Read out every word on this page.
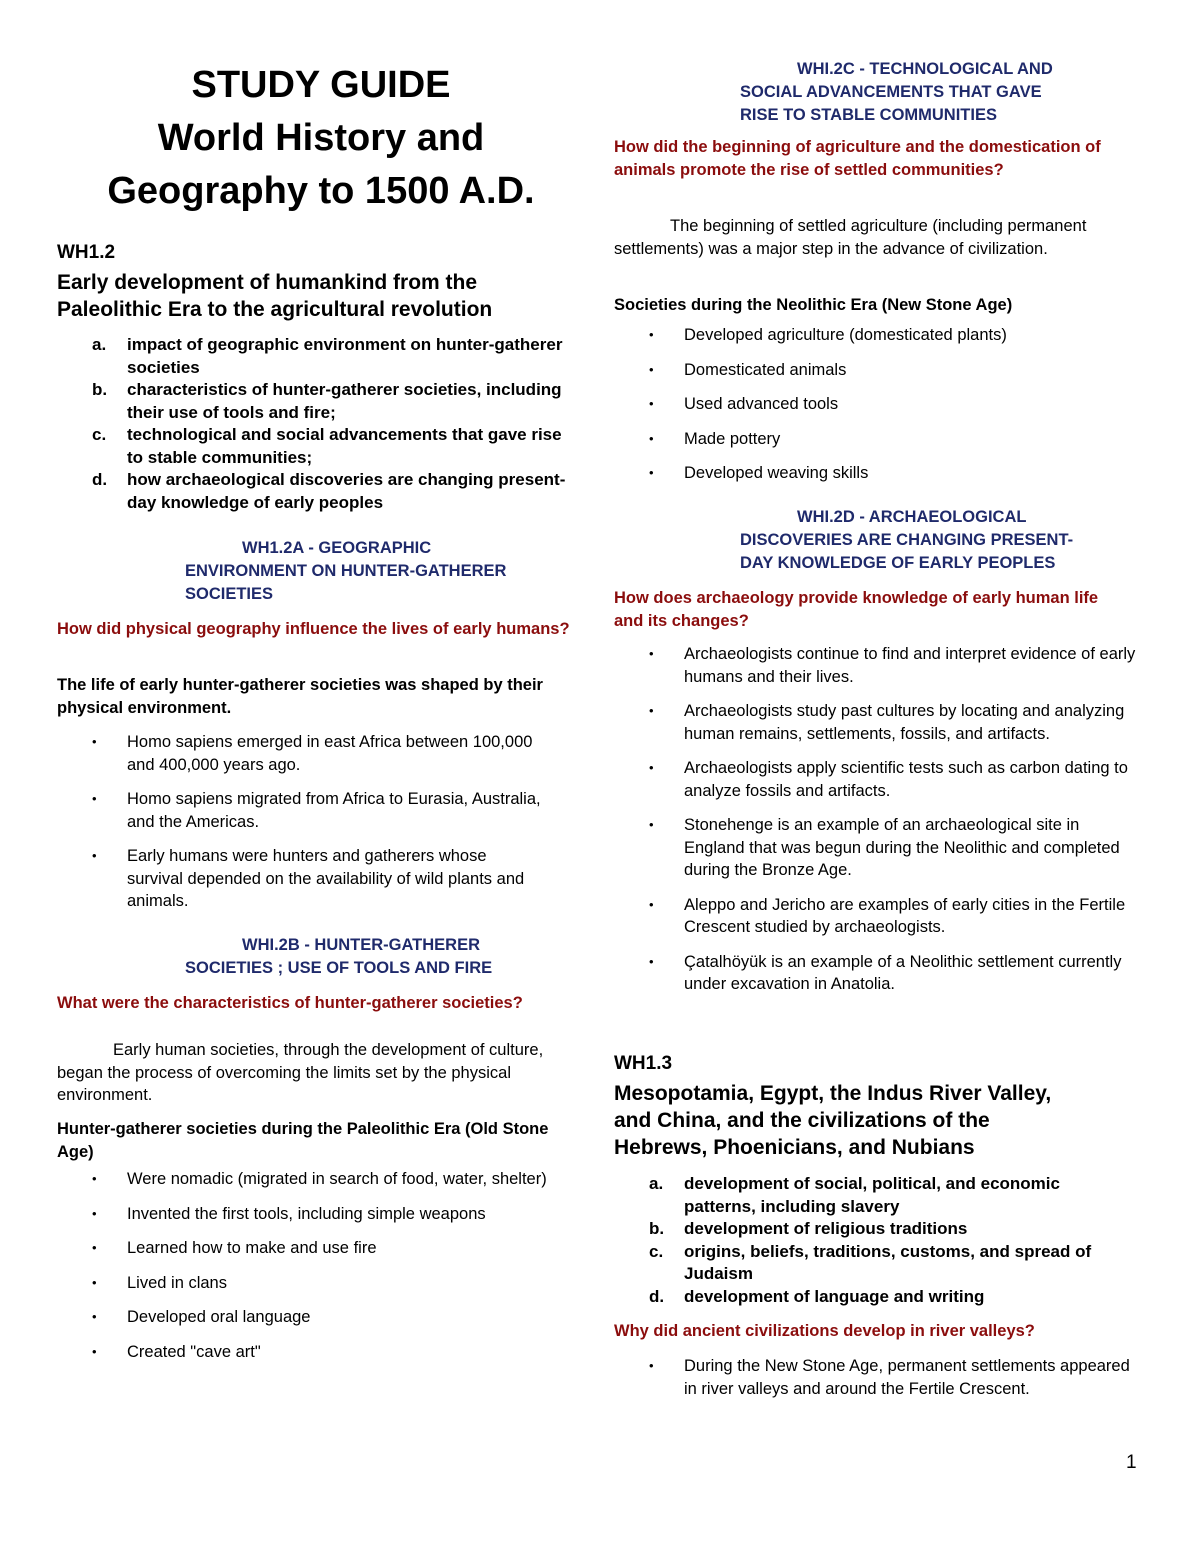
STUDY GUIDE
World History and
Geography to 1500 A.D.
WH1.2
Early development of humankind from the
Paleolithic Era to the agricultural revolution
a. impact of geographic environment on hunter-gatherer societies
b. characteristics of hunter-gatherer societies, including their use of tools and fire;
c. technological and social advancements that gave rise to stable communities;
d. how archaeological discoveries are changing present-day knowledge of early peoples
WH1.2A - GEOGRAPHIC
ENVIRONMENT ON HUNTER-GATHERER
SOCIETIES
How did physical geography influence the lives of early humans?
The life of early hunter-gatherer societies was shaped by their physical environment.
• Homo sapiens emerged in east Africa between 100,000 and 400,000 years ago.
• Homo sapiens migrated from Africa to Eurasia, Australia, and the Americas.
• Early humans were hunters and gatherers whose survival depended on the availability of wild plants and animals.
WHI.2B - HUNTER-GATHERER
SOCIETIES ; USE OF TOOLS AND FIRE
What were the characteristics of hunter-gatherer societies?
Early human societies, through the development of culture, began the process of overcoming the limits set by the physical environment.
Hunter-gatherer societies during the Paleolithic Era (Old Stone Age)
• Were nomadic (migrated in search of food, water, shelter)
• Invented the first tools, including simple weapons
• Learned how to make and use fire
• Lived in clans
• Developed oral language
• Created "cave art"
WHI.2C - TECHNOLOGICAL AND
SOCIAL ADVANCEMENTS THAT GAVE
RISE TO STABLE COMMUNITIES
How did the beginning of agriculture and the domestication of animals promote the rise of settled communities?
The beginning of settled agriculture (including permanent settlements) was a major step in the advance of civilization.
Societies during the Neolithic Era (New Stone Age)
• Developed agriculture (domesticated plants)
• Domesticated animals
• Used advanced tools
• Made pottery
• Developed weaving skills
WHI.2D - ARCHAEOLOGICAL
DISCOVERIES ARE CHANGING PRESENT-
DAY KNOWLEDGE OF EARLY PEOPLES
How does archaeology provide knowledge of early human life and its changes?
• Archaeologists continue to find and interpret evidence of early humans and their lives.
• Archaeologists study past cultures by locating and analyzing human remains, settlements, fossils, and artifacts.
• Archaeologists apply scientific tests such as carbon dating to analyze fossils and artifacts.
• Stonehenge is an example of an archaeological site in England that was begun during the Neolithic and completed during the Bronze Age.
• Aleppo and Jericho are examples of early cities in the Fertile Crescent studied by archaeologists.
• Çatalhöyük is an example of a Neolithic settlement currently under excavation in Anatolia.
WH1.3
Mesopotamia, Egypt, the Indus River Valley,
and China, and the civilizations of the
Hebrews, Phoenicians, and Nubians
a. development of social, political, and economic patterns, including slavery
b. development of religious traditions
c. origins, beliefs, traditions, customs, and spread of Judaism
d. development of language and writing
Why did ancient civilizations develop in river valleys?
• During the New Stone Age, permanent settlements appeared in river valleys and around the Fertile Crescent.
1
